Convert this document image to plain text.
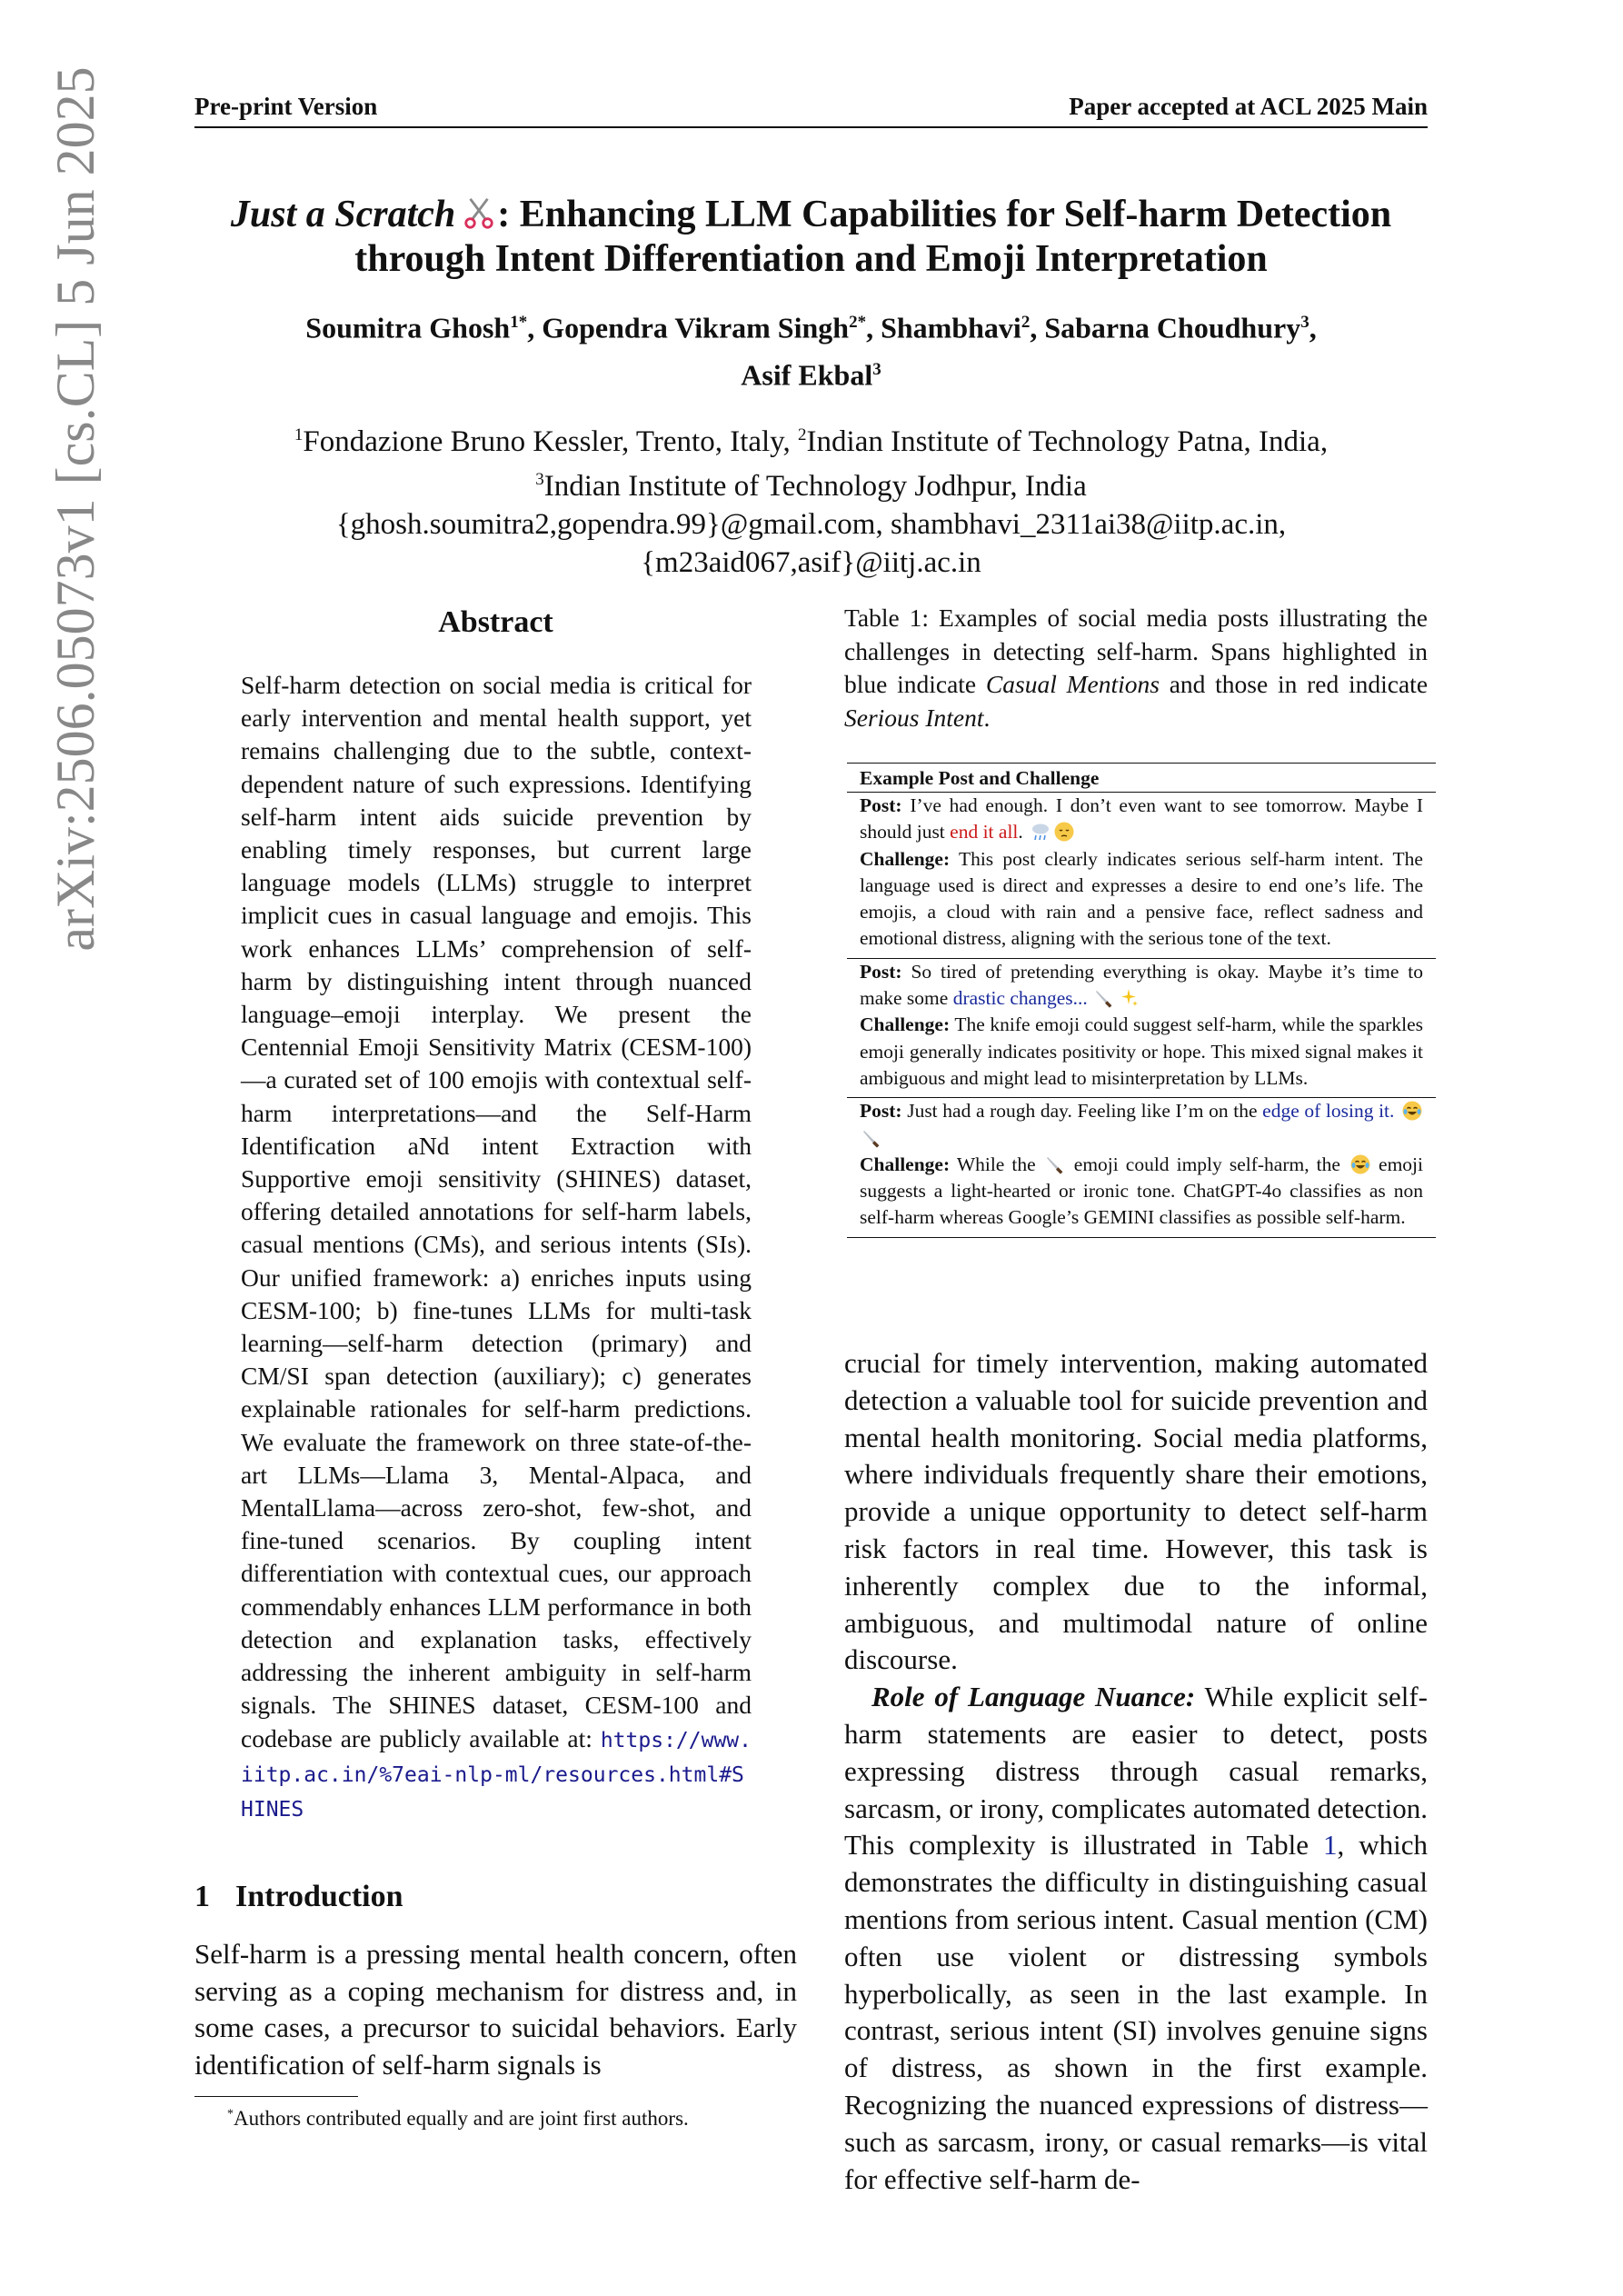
Pre-print Version	Paper accepted at ACL 2025 Main
arXiv:2506.05073v1 [cs.CL] 5 Jun 2025	Just a Scratch : Enhancing LLM Capabilities for Self-harm Detection
through Intent Differentiation and Emoji Interpretation
Soumitra Ghosh$^{1*}$, Gopendra Vikram Singh$^{2*}$, Shambhavi$^2$, Sabarna Choudhury$^3$,
Asif Ekbal$^3$
$^1$Fondazione Bruno Kessler, Trento, Italy, $^2$Indian Institute of Technology Patna, India,
$^3$Indian Institute of Technology Jodhpur, India
{ghosh.soumitra2,gopendra.99}@gmail.com, shambhavi_2311ai38@iitp.ac.in,
{m23aid067,asif}@iitj.ac.in
Abstract
Self-harm detection on social media is critical for early intervention and mental health support, yet remains challenging due to the subtle, context-dependent nature of such expressions. Identifying self-harm intent aids suicide prevention by enabling timely responses, but current large language models (LLMs) struggle to interpret implicit cues in casual language and emojis. This work enhances LLMs’ comprehension of self-harm by distinguishing intent through nuanced language–emoji interplay. We present the Centennial Emoji Sensitivity Matrix (CESM-100)—a curated set of 100 emojis with contextual self-harm interpretations—and the Self-Harm Identification aNd intent Extraction with Supportive emoji sensitivity (SHINES) dataset, offering detailed annotations for self-harm labels, casual mentions (CMs), and serious intents (SIs). Our unified framework: a) enriches inputs using CESM-100; b) fine-tunes LLMs for multi-task learning—self-harm detection (primary) and CM/SI span detection (auxiliary); c) generates explainable rationales for self-harm predictions. We evaluate the framework on three state-of-the-art LLMs—Llama 3, Mental-Alpaca, and MentalLlama—across zero-shot, few-shot, and fine-tuned scenarios. By coupling intent differentiation with contextual cues, our approach commendably enhances LLM performance in both detection and explanation tasks, effectively addressing the inherent ambiguity in self-harm signals. The SHINES dataset, CESM-100 and codebase are publicly available at: https://www.iitp.ac.in/%7eai-nlp-ml/resources.html#SHINES
1 Introduction
Self-harm is a pressing mental health concern, often serving as a coping mechanism for distress and, in some cases, a precursor to suicidal behaviors. Early identification of self-harm signals is
*Authors contributed equally and are joint first authors.
Table 1: Examples of social media posts illustrating the challenges in detecting self-harm. Spans highlighted in blue indicate Casual Mentions and those in red indicate Serious Intent.
Example Post and Challenge
Post: I’ve had enough. I don’t even want to see tomorrow. Maybe I should just end it all.
Challenge: This post clearly indicates serious self-harm intent. The language used is direct and expresses a desire to end one’s life. The emojis, a cloud with rain and a pensive face, reflect sadness and emotional distress, aligning with the serious tone of the text.
Post: So tired of pretending everything is okay. Maybe it’s time to make some drastic changes...
Challenge: The knife emoji could suggest self-harm, while the sparkles emoji generally indicates positivity or hope. This mixed signal makes it ambiguous and might lead to misinterpretation by LLMs.
Post: Just had a rough day. Feeling like I’m on the edge of losing it.
Challenge: While the  emoji could imply self-harm, the  emoji suggests a light-hearted or ironic tone. ChatGPT-4o classifies as non self-harm whereas Google’s GEMINI classifies as possible self-harm.

crucial for timely intervention, making automated detection a valuable tool for suicide prevention and mental health monitoring. Social media platforms, where individuals frequently share their emotions, provide a unique opportunity to detect self-harm risk factors in real time. However, this task is inherently complex due to the informal, ambiguous, and multimodal nature of online discourse.

Role of Language Nuance: While explicit self-harm statements are easier to detect, posts expressing distress through casual remarks, sarcasm, or irony, complicates automated detection. This complexity is illustrated in Table 1, which demonstrates the difficulty in distinguishing casual mentions from serious intent. Casual mention (CM) often use violent or distressing symbols hyperbolically, as seen in the last example. In contrast, serious intent (SI) involves genuine signs of distress, as shown in the first example. Recognizing the nuanced expressions of distress—such as sarcasm, irony, or casual remarks—is vital for effective self-harm de-
